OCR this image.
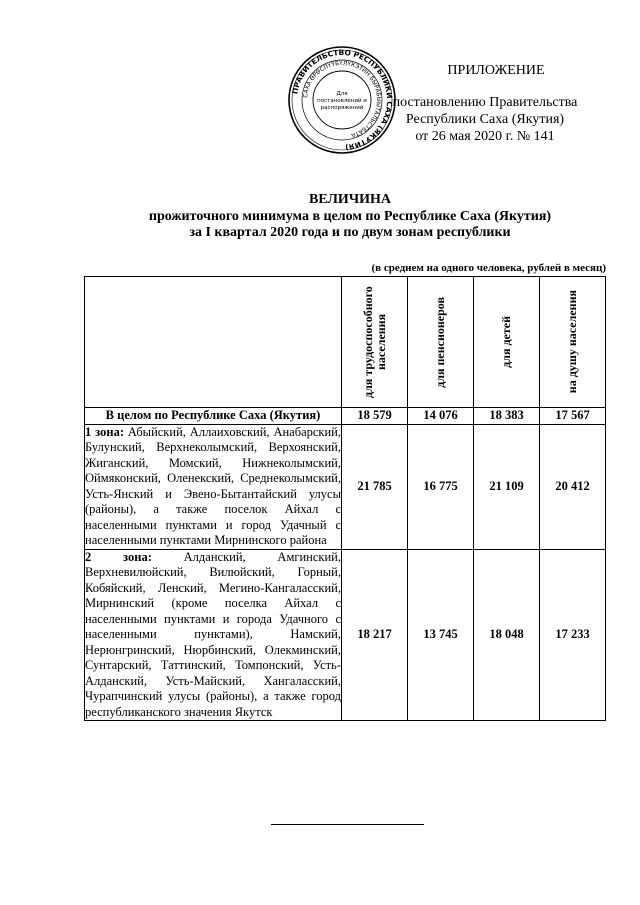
ПРАВИТЕЛЬСТВО РЕСПУБЛИКИ САХА (ЯКУТИЯ)
САХА ӨРӨСПҮҮБҮЛҮКЭТИН БЫРАБЫЫТАЛЬСТБАТА
Для
постановлений и
распоряжений
ПРИЛОЖЕНИЕ
постановлению Правительства
Республики Саха (Якутия)
от 26 мая 2020 г. № 141
ВЕЛИЧИНА
прожиточного минимума в целом по Республике Саха (Якутия)
за I квартал 2020 года и по двум зонам республики
(в среднем на одного человека, рублей в месяц)

	для трудоспособного населения	для пенсионеров	для детей	на душу населения

В целом по Республике Саха (Якутия)	18 579	14 076	18 383	17 567
1 зона: Абыйский, Аллаиховский, Анабарский, Булунский, Верхнеколымский, Верхоянский, Жиганский, Момский, Нижнеколымский, Оймяконский, Оленекский, Среднеколымский, Усть-Янский и Эвено-Бытантайский улусы (районы), а также поселок Айхал с населенными пунктами и город Удачный с населенными пунктами Мирнинского района	21 785	16 775	21 109	20 412
2 зона: Алданский, Амгинский, Верхневилюйский, Вилюйский, Горный, Кобяйский, Ленский, Мегино-Кангаласский, Мирнинский (кроме поселка Айхал с населенными пунктами и города Удачного с населенными пунктами), Намский, Нерюнгринский, Нюрбинский, Олекминский, Сунтарский, Таттинский, Томпонский, Усть-Алданский, Усть-Майский, Хангаласский, Чурапчинский улусы (районы), а также город республиканского значения Якутск	18 217	13 745	18 048	17 233
